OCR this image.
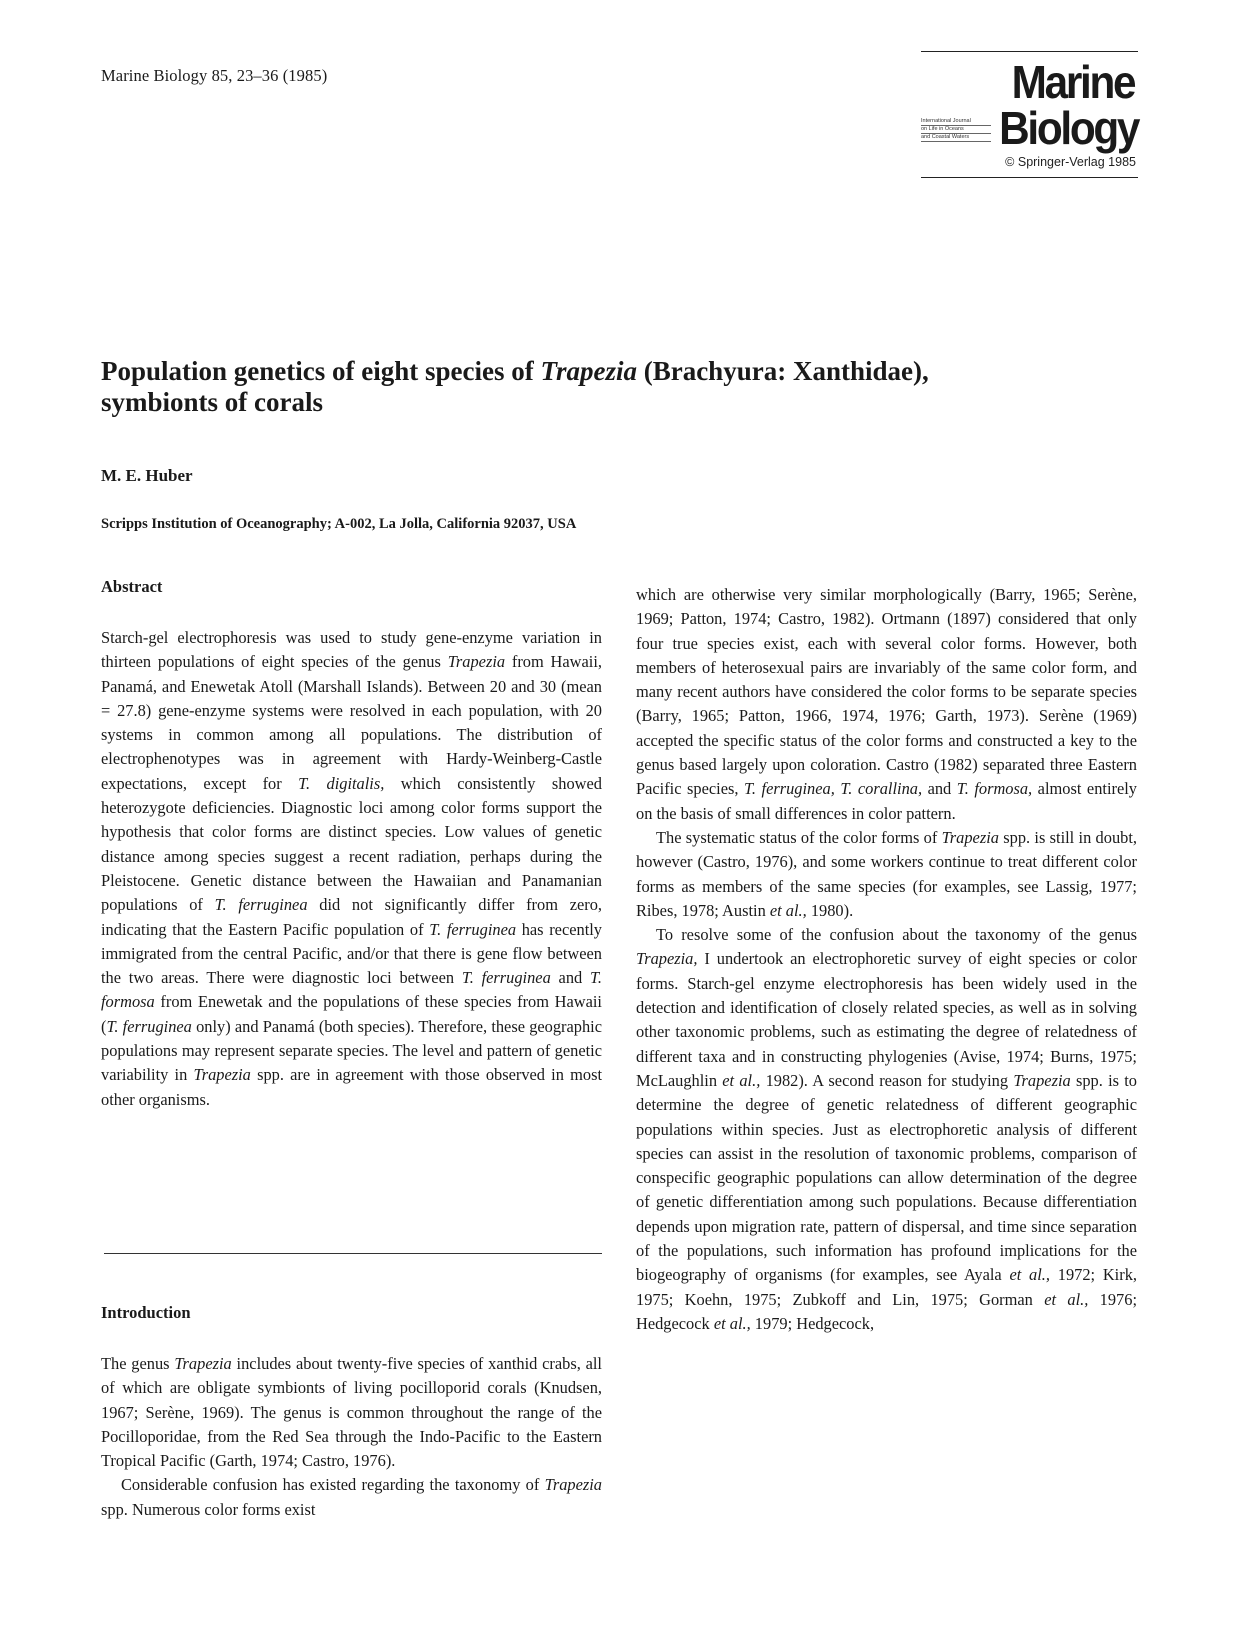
Marine Biology 85, 23–36 (1985)	Marine
International Journal
on Life in Oceans
and Coastal Waters Biology
© Springer-Verlag 1985
Population genetics of eight species of Trapezia (Brachyura: Xanthidae),
symbionts of corals
M. E. Huber
Scripps Institution of Oceanography; A-002, La Jolla, California 92037, USA
Abstract

Starch-gel electrophoresis was used to study gene-enzyme variation in thirteen populations of eight species of the genus Trapezia from Hawaii, Panamá, and Enewetak Atoll (Marshall Islands). Between 20 and 30 (mean = 27.8) gene-enzyme systems were resolved in each population, with 20 systems in common among all populations. The distribution of electrophenotypes was in agreement with Hardy-Weinberg-Castle expectations, except for T. digitalis, which consistently showed heterozygote deficiencies. Diagnostic loci among color forms support the hypothesis that color forms are distinct species. Low values of genetic distance among species suggest a recent radiation, perhaps during the Pleistocene. Genetic distance between the Hawaiian and Panamanian populations of T. ferruginea did not significantly differ from zero, indicating that the Eastern Pacific population of T. ferruginea has recently immigrated from the central Pacific, and/or that there is gene flow between the two areas. There were diagnostic loci between T. ferruginea and T. formosa from Enewetak and the populations of these species from Hawaii (T. ferruginea only) and Panamá (both species). Therefore, these geographic populations may represent separate species. The level and pattern of genetic variability in Trapezia spp. are in agreement with those observed in most other organisms.

Introduction

The genus Trapezia includes about twenty-five species of xanthid crabs, all of which are obligate symbionts of living pocilloporid corals (Knudsen, 1967; Serène, 1969). The genus is common throughout the range of the Pocilloporidae, from the Red Sea through the Indo-Pacific to the Eastern Tropical Pacific (Garth, 1974; Castro, 1976).

Considerable confusion has existed regarding the taxonomy of Trapezia spp. Numerous color forms exist

which are otherwise very similar morphologically (Barry, 1965; Serène, 1969; Patton, 1974; Castro, 1982). Ortmann (1897) considered that only four true species exist, each with several color forms. However, both members of heterosexual pairs are invariably of the same color form, and many recent authors have considered the color forms to be separate species (Barry, 1965; Patton, 1966, 1974, 1976; Garth, 1973). Serène (1969) accepted the specific status of the color forms and constructed a key to the genus based largely upon coloration. Castro (1982) separated three Eastern Pacific species, T. ferruginea, T. corallina, and T. formosa, almost entirely on the basis of small differences in color pattern.

The systematic status of the color forms of Trapezia spp. is still in doubt, however (Castro, 1976), and some workers continue to treat different color forms as members of the same species (for examples, see Lassig, 1977; Ribes, 1978; Austin et al., 1980).

To resolve some of the confusion about the taxonomy of the genus Trapezia, I undertook an electrophoretic survey of eight species or color forms. Starch-gel enzyme electrophoresis has been widely used in the detection and identification of closely related species, as well as in solving other taxonomic problems, such as estimating the degree of relatedness of different taxa and in constructing phylogenies (Avise, 1974; Burns, 1975; McLaughlin et al., 1982). A second reason for studying Trapezia spp. is to determine the degree of genetic relatedness of different geographic populations within species. Just as electrophoretic analysis of different species can assist in the resolution of taxonomic problems, comparison of conspecific geographic populations can allow determination of the degree of genetic differentiation among such populations. Because differentiation depends upon migration rate, pattern of dispersal, and time since separation of the populations, such information has profound implications for the biogeography of organisms (for examples, see Ayala et al., 1972; Kirk, 1975; Koehn, 1975; Zubkoff and Lin, 1975; Gorman et al., 1976; Hedgecock et al., 1979; Hedgecock,
